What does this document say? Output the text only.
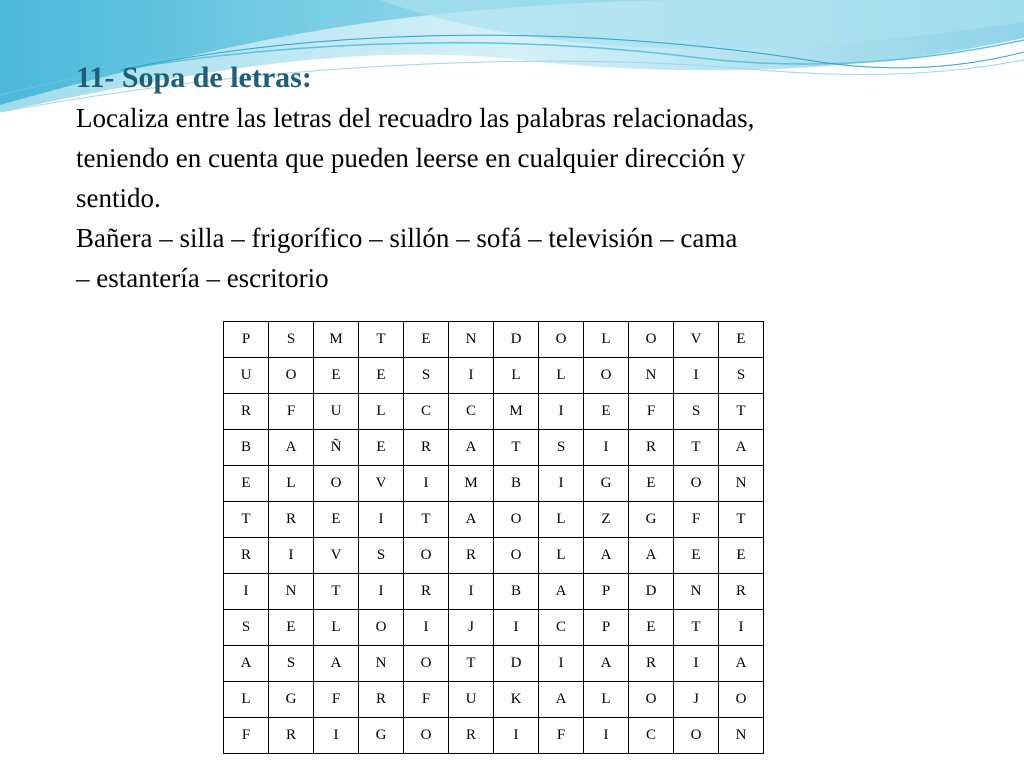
11- Sopa de letras:

Localiza entre las letras del recuadro las palabras relacionadas,

teniendo en cuenta que pueden leerse en cualquier dirección y

sentido.

Bañera – silla – frigorífico – sillón – sofá – televisión – cama

– estantería – escritorio

P	S	M	T	E	N	D	O	L	O	V	E
U	O	E	E	S	I	L	L	O	N	I	S
R	F	U	L	C	C	M	I	E	F	S	T
B	A	Ñ	E	R	A	T	S	I	R	T	A
E	L	O	V	I	M	B	I	G	E	O	N
T	R	E	I	T	A	O	L	Z	G	F	T
R	I	V	S	O	R	O	L	A	A	E	E
I	N	T	I	R	I	B	A	P	D	N	R
S	E	L	O	I	J	I	C	P	E	T	I
A	S	A	N	O	T	D	I	A	R	I	A
L	G	F	R	F	U	K	A	L	O	J	O
F	R	I	G	O	R	I	F	I	C	O	N
